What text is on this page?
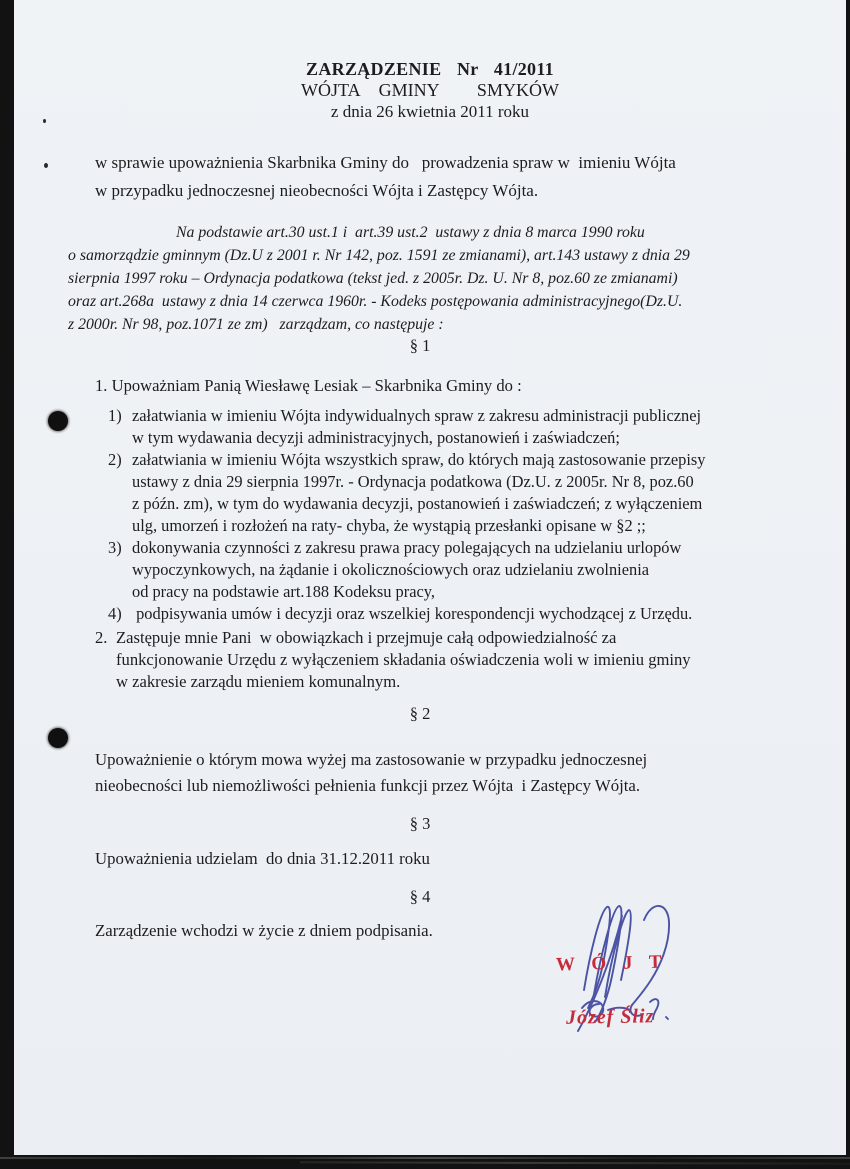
ZARZĄDZENIE  Nr  41/2011
WÓJTA  GMINY    SMYKÓW
z dnia 26 kwietnia 2011 roku
w sprawie upoważnienia Skarbnika Gminy do   prowadzenia spraw w  imieniu Wójta
w przypadku jednoczesnej nieobecności Wójta i Zastępcy Wójta.
Na podstawie art.30 ust.1 i  art.39 ust.2  ustawy z dnia 8 marca 1990 roku
o samorządzie gminnym (Dz.U z 2001 r. Nr 142, poz. 1591 ze zmianami), art.143 ustawy z dnia 29
sierpnia 1997 roku – Ordynacja podatkowa (tekst jed. z 2005r. Dz. U. Nr 8, poz.60 ze zmianami)
oraz art.268a  ustawy z dnia 14 czerwca 1960r. - Kodeks postępowania administracyjnego(Dz.U.
z 2000r. Nr 98, poz.1071 ze zm)   zarządzam, co następuje :
§ 1
1. Upoważniam Panią Wiesławę Lesiak – Skarbnika Gminy do :
1) załatwiania w imieniu Wójta indywidualnych spraw z zakresu administracji publicznej
w tym wydawania decyzji administracyjnych, postanowień i zaświadczeń;
2) załatwiania w imieniu Wójta wszystkich spraw, do których mają zastosowanie przepisy
ustawy z dnia 29 sierpnia 1997r. - Ordynacja podatkowa (Dz.U. z 2005r. Nr 8, poz.60
z późn. zm), w tym do wydawania decyzji, postanowień i zaświadczeń; z wyłączeniem
ulg, umorzeń i rozłożeń na raty- chyba, że wystąpią przesłanki opisane w §2 ;;
3) dokonywania czynności z zakresu prawa pracy polegających na udzielaniu urlopów
wypoczynkowych, na żądanie i okolicznościowych oraz udzielaniu zwolnienia
od pracy na podstawie art.188 Kodeksu pracy,
4) podpisywania umów i decyzji oraz wszelkiej korespondencji wychodzącej z Urzędu.
2. Zastępuje mnie Pani  w obowiązkach i przejmuje całą odpowiedzialność za
funkcjonowanie Urzędu z wyłączeniem składania oświadczenia woli w imieniu gminy
w zakresie zarządu mieniem komunalnym.
§ 2
Upoważnienie o którym mowa wyżej ma zastosowanie w przypadku jednoczesnej
nieobecności lub niemożliwości pełnienia funkcji przez Wójta  i Zastępcy Wójta.
§ 3
Upoważnienia udzielam  do dnia 31.12.2011 roku
§ 4
Zarządzenie wchodzi w życie z dniem podpisania.
W Ó J T
Józef Śliz
